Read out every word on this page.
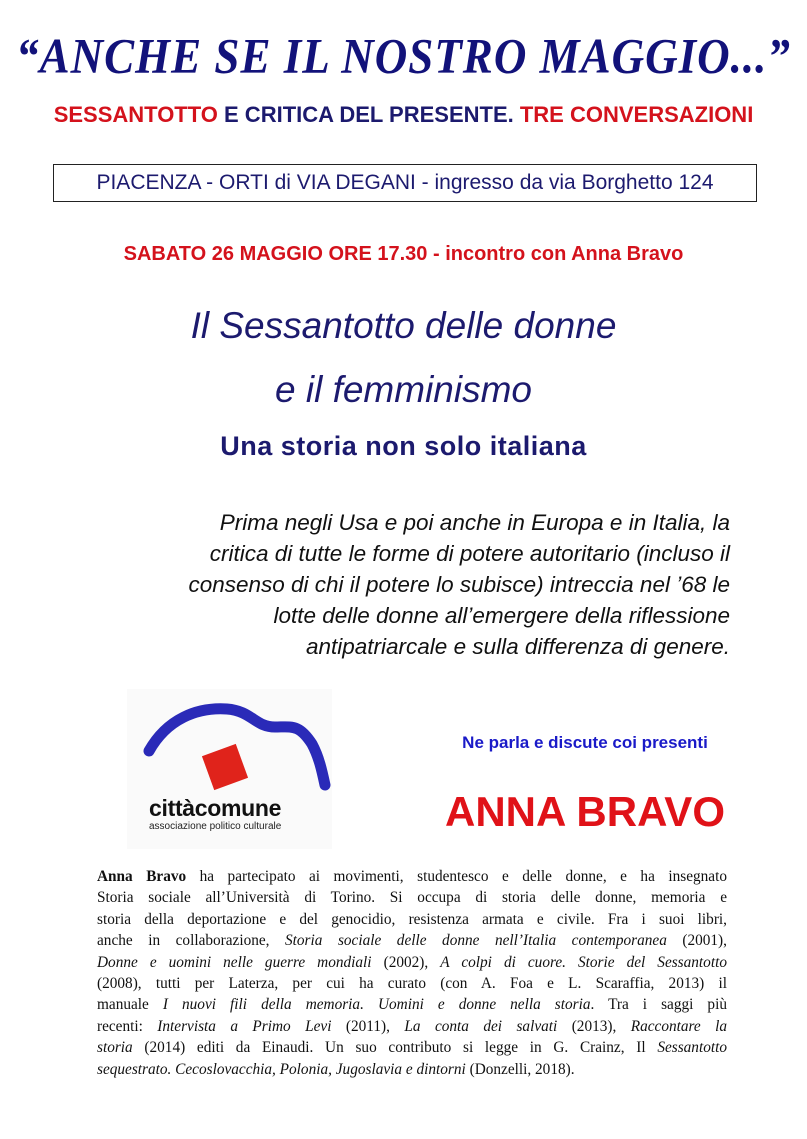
“ANCHE SE IL NOSTRO MAGGIO...”
SESSANTOTTO E CRITICA DEL PRESENTE. TRE CONVERSAZIONI
PIACENZA - ORTI di VIA DEGANI - ingresso da via Borghetto 124
SABATO 26 MAGGIO ORE 17.30 - incontro con Anna Bravo
Il Sessantotto delle donne
e il femminismo
Una storia non solo italiana
Prima negli Usa e poi anche in Europa e in Italia, la
critica di tutte le forme di potere autoritario (incluso il
consenso di chi il potere lo subisce) intreccia nel ’68 le
lotte delle donne all’emergere della riflessione
antipatriarcale e sulla differenza di genere.
cittàcomune
associazione politico culturale
Ne parla e discute coi presenti
ANNA BRAVO
Anna Bravo ha partecipato ai movimenti, studentesco e delle donne, e ha insegnato
Storia sociale all’Università di Torino. Si occupa di storia delle donne, memoria e
storia della deportazione e del genocidio, resistenza armata e civile. Fra i suoi libri,
anche in collaborazione, Storia sociale delle donne nell’Italia contemporanea (2001),
Donne e uomini nelle guerre mondiali (2002), A colpi di cuore. Storie del Sessantotto
(2008), tutti per Laterza, per cui ha curato (con A. Foa e L. Scaraffia, 2013) il
manuale I nuovi fili della memoria. Uomini e donne nella storia. Tra i saggi più
recenti: Intervista a Primo Levi (2011), La conta dei salvati (2013), Raccontare la
storia (2014) editi da Einaudi. Un suo contributo si legge in G. Crainz, Il Sessantotto
sequestrato. Cecoslovacchia, Polonia, Jugoslavia e dintorni (Donzelli, 2018).
